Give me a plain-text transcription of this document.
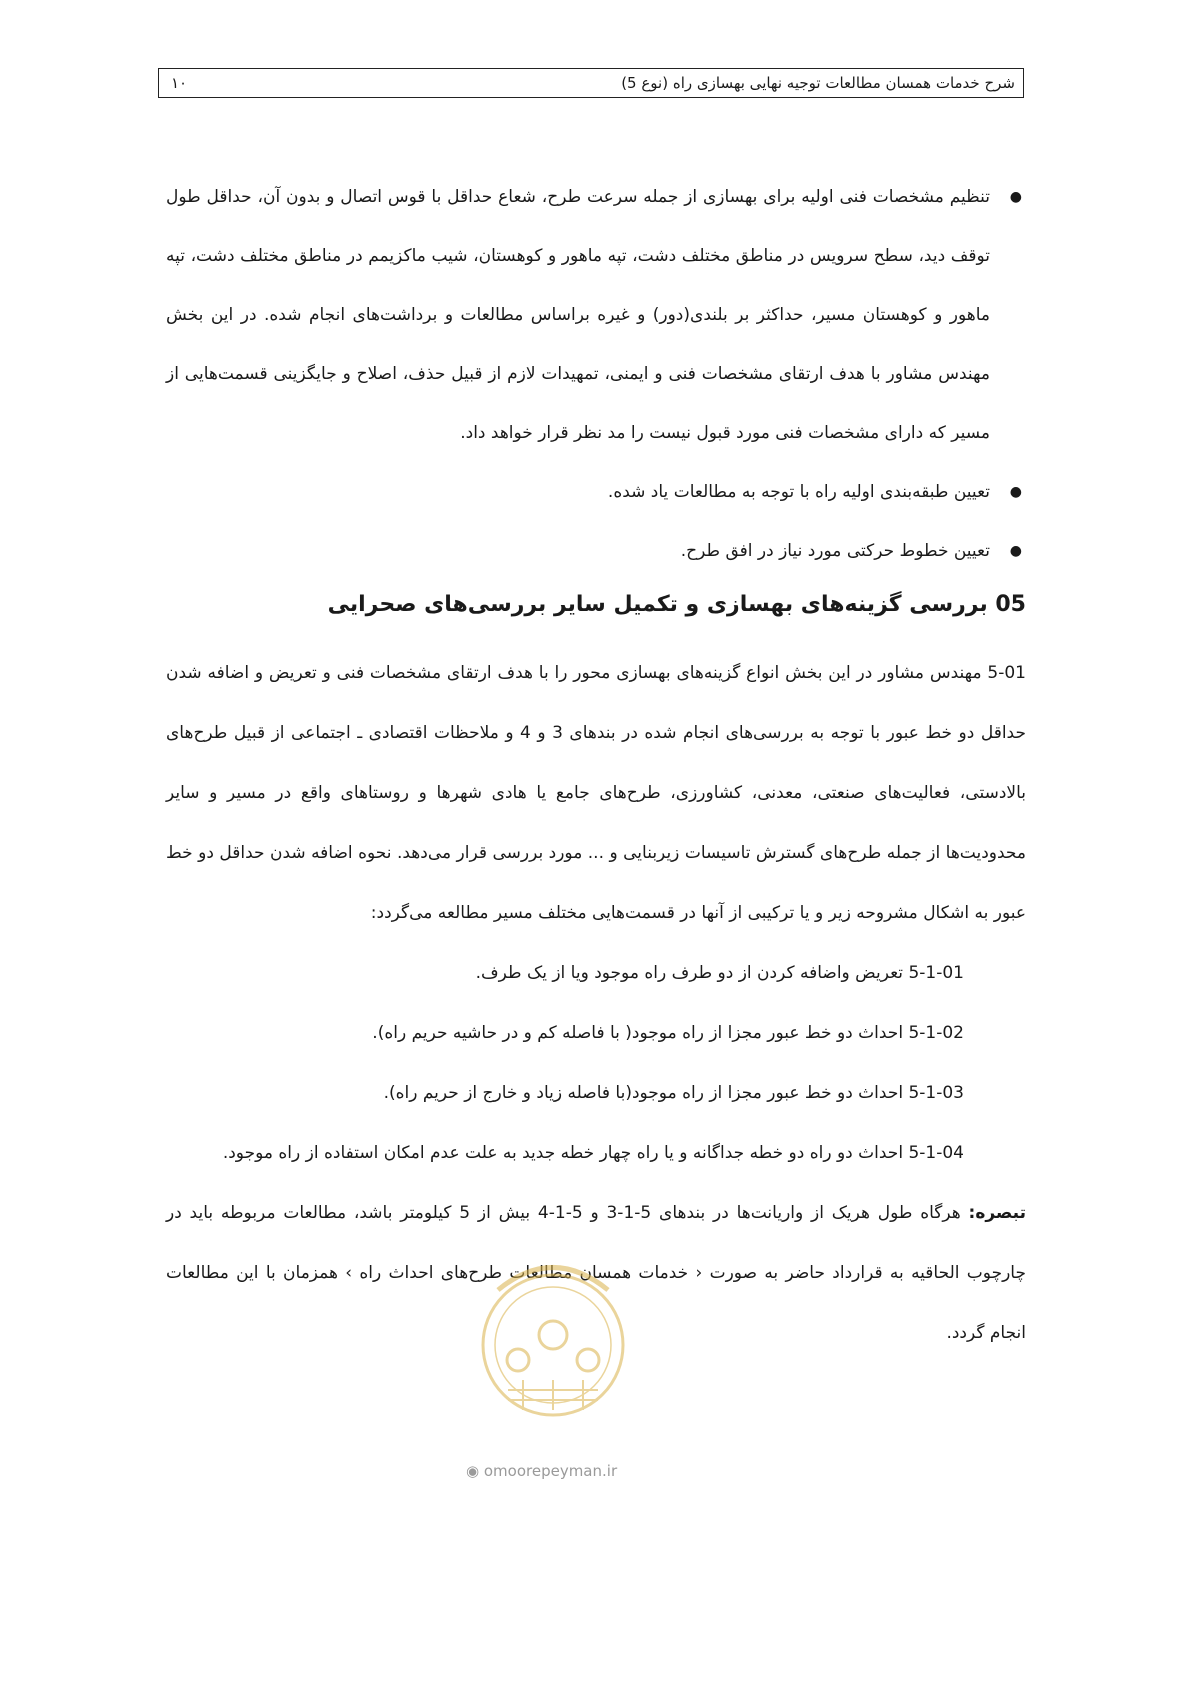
شرح خدمات همسان مطالعات توجیه نهایی بهسازی راه (نوع 5)
۱۰
● تنظیم مشخصات فنی اولیه برای بهسازی از جمله سرعت طرح، شعاع حداقل با قوس اتصال و بدون آن، حداقل طول توقف دید، سطح سرویس در مناطق مختلف دشت، تپه ماهور و کوهستان، شیب ماکزیمم در مناطق مختلف دشت، تپه ماهور و کوهستان مسیر، حداکثر بر بلندی(دور) و غیره براساس مطالعات و برداشت‌های انجام شده. در این بخش مهندس مشاور با هدف ارتقای مشخصات فنی و ایمنی، تمهیدات لازم از قبیل حذف، اصلاح و جایگزینی قسمت‌هایی از مسیر که دارای مشخصات فنی مورد قبول نیست را مد نظر قرار خواهد داد.
● تعیین طبقه‌بندی اولیه راه با توجه به مطالعات یاد شده.
● تعیین خطوط حرکتی مورد نیاز در افق طرح.
05 بررسی گزینه‌های بهسازی و تکمیل سایر بررسی‌های صحرایی

5-01 مهندس مشاور در این بخش انواع گزینه‌های بهسازی محور را با هدف ارتقای مشخصات فنی و تعریض و اضافه شدن حداقل دو خط عبور با توجه به بررسی‌های انجام شده در بندهای 3 و 4 و ملاحظات اقتصادی ـ اجتماعی از قبیل طرح‌های بالادستی، فعالیت‌های صنعتی، معدنی، کشاورزی، طرح‌های جامع یا هادی شهرها و روستاهای واقع در مسیر و سایر محدودیت‌ها از جمله طرح‌های گسترش تاسیسات زیربنایی و ... مورد بررسی قرار می‌دهد. نحوه اضافه شدن حداقل دو خط عبور به اشکال مشروحه زیر و یا ترکیبی از آنها در قسمت‌هایی مختلف مسیر مطالعه می‌گردد:

5-1-01 تعریض واضافه کردن از دو طرف راه موجود ویا از یک طرف.

5-1-02 احداث دو خط عبور مجزا از راه موجود( با فاصله کم و در حاشیه حریم راه).

5-1-03 احداث دو خط عبور مجزا از راه موجود(با فاصله زیاد و خارج از حریم راه).

5-1-04 احداث دو راه دو خطه جداگانه و یا راه چهار خطه جدید به علت عدم امکان استفاده از راه موجود.

تبصره: هرگاه طول هریک از واریانت‌ها در بندهای 5-1-3 و 5-1-4 بیش از 5 کیلومتر باشد، مطالعات مربوطه باید در چارچوب الحاقیه به قرارداد حاضر به صورت ‹ خدمات همسان مطالعات طرح‌های احداث راه › همزمان با این مطالعات انجام گردد.

◉ omoorepeyman.ir
